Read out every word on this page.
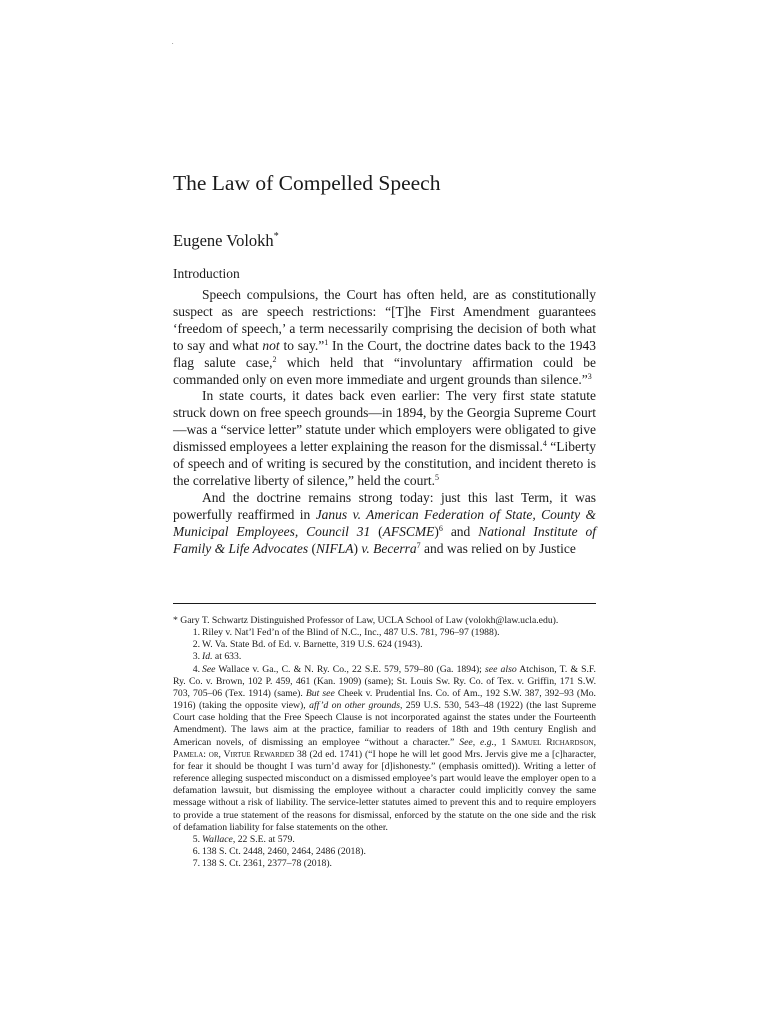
.
The Law of Compelled Speech
Eugene Volokh*
Introduction

Speech compulsions, the Court has often held, are as constitutionally suspect as are speech restrictions: “[T]he First Amendment guarantees ‘freedom of speech,’ a term necessarily comprising the decision of both what to say and what not to say.”$^1$ In the Court, the doctrine dates back to the 1943 flag salute case,$^2$ which held that “involuntary affirmation could be commanded only on even more immediate and urgent grounds than silence.”$^3$

In state courts, it dates back even earlier: The very first state statute struck down on free speech grounds—in 1894, by the Georgia Supreme Court—was a “service letter” statute under which employers were obligated to give dismissed employees a letter explaining the reason for the dismissal.$^4$ “Liberty of speech and of writing is secured by the constitution, and incident thereto is the correlative liberty of silence,” held the court.$^5$

And the doctrine remains strong today: just this last Term, it was powerfully reaffirmed in Janus v. American Federation of State, County & Municipal Employees, Council 31 (AFSCME)$^6$ and National Institute of Family & Life Advocates (NIFLA) v. Becerra$^7$ and was relied on by Justice

* Gary T. Schwartz Distinguished Professor of Law, UCLA School of Law (volokh@law.ucla.edu).

1. Riley v. Nat’l Fed’n of the Blind of N.C., Inc., 487 U.S. 781, 796–97 (1988).

2. W. Va. State Bd. of Ed. v. Barnette, 319 U.S. 624 (1943).

3. Id. at 633.

4. See Wallace v. Ga., C. & N. Ry. Co., 22 S.E. 579, 579–80 (Ga. 1894); see also Atchison, T. & S.F. Ry. Co. v. Brown, 102 P. 459, 461 (Kan. 1909) (same); St. Louis Sw. Ry. Co. of Tex. v. Griffin, 171 S.W. 703, 705–06 (Tex. 1914) (same). But see Cheek v. Prudential Ins. Co. of Am., 192 S.W. 387, 392–93 (Mo. 1916) (taking the opposite view), aff’d on other grounds, 259 U.S. 530, 543–48 (1922) (the last Supreme Court case holding that the Free Speech Clause is not incorporated against the states under the Fourteenth Amendment). The laws aim at the practice, familiar to readers of 18th and 19th century English and American novels, of dismissing an employee “without a character.” See, e.g., 1 Samuel Richardson, Pamela: or, Virtue Rewarded 38 (2d ed. 1741) (“I hope he will let good Mrs. Jervis give me a [c]haracter, for fear it should be thought I was turn’d away for [d]ishonesty.” (emphasis omitted)). Writing a letter of reference alleging suspected misconduct on a dismissed employee’s part would leave the employer open to a defamation lawsuit, but dismissing the employee without a character could implicitly convey the same message without a risk of liability. The service-letter statutes aimed to prevent this and to require employers to provide a true statement of the reasons for dismissal, enforced by the statute on the one side and the risk of defamation liability for false statements on the other.

5. Wallace, 22 S.E. at 579.

6. 138 S. Ct. 2448, 2460, 2464, 2486 (2018).

7. 138 S. Ct. 2361, 2377–78 (2018).
